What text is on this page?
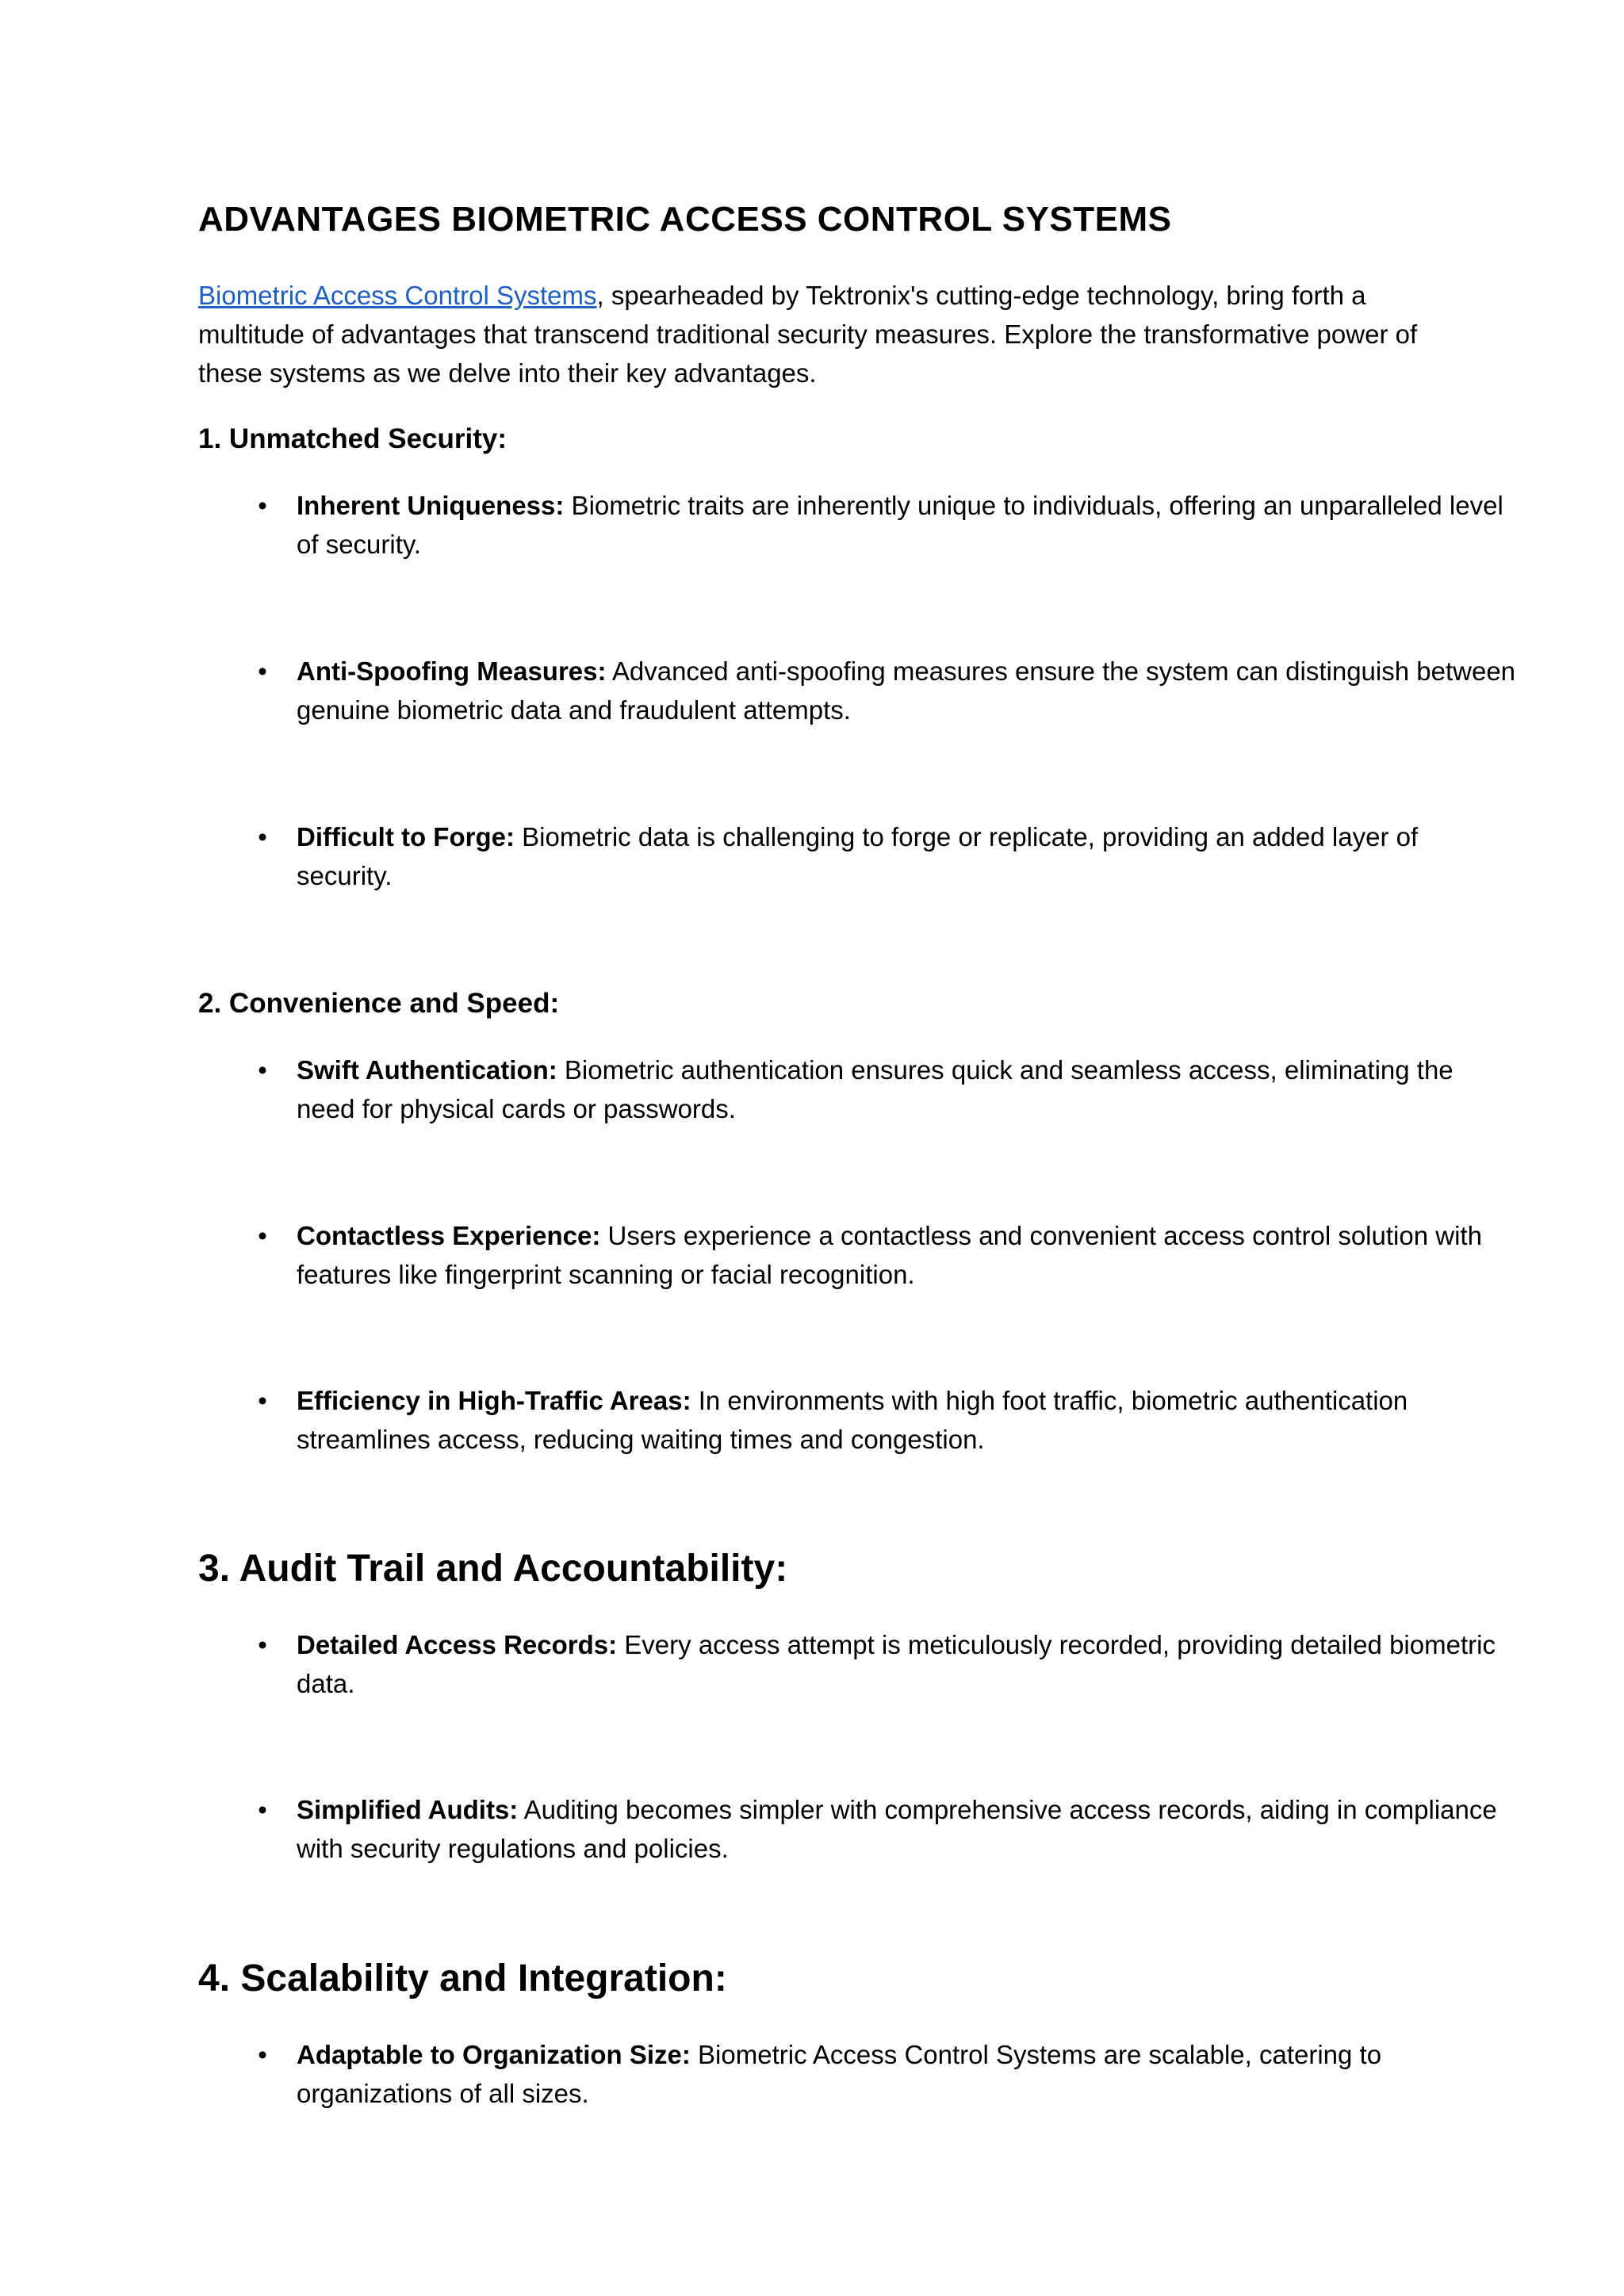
ADVANTAGES BIOMETRIC ACCESS CONTROL SYSTEMS

Biometric Access Control Systems, spearheaded by Tektronix's cutting-edge technology, bring forth a multitude of advantages that transcend traditional security measures. Explore the transformative power of these systems as we delve into their key advantages.

1. Unmatched Security:
• Inherent Uniqueness: Biometric traits are inherently unique to individuals, offering an unparalleled level of security.
• Anti-Spoofing Measures: Advanced anti-spoofing measures ensure the system can distinguish between genuine biometric data and fraudulent attempts.
• Difficult to Forge: Biometric data is challenging to forge or replicate, providing an added layer of security.
2. Convenience and Speed:
• Swift Authentication: Biometric authentication ensures quick and seamless access, eliminating the need for physical cards or passwords.
• Contactless Experience: Users experience a contactless and convenient access control solution with features like fingerprint scanning or facial recognition.
• Efficiency in High-Traffic Areas: In environments with high foot traffic, biometric authentication streamlines access, reducing waiting times and congestion.
3. Audit Trail and Accountability:
• Detailed Access Records: Every access attempt is meticulously recorded, providing detailed biometric data.
• Simplified Audits: Auditing becomes simpler with comprehensive access records, aiding in compliance with security regulations and policies.
4. Scalability and Integration:
• Adaptable to Organization Size: Biometric Access Control Systems are scalable, catering to organizations of all sizes.
